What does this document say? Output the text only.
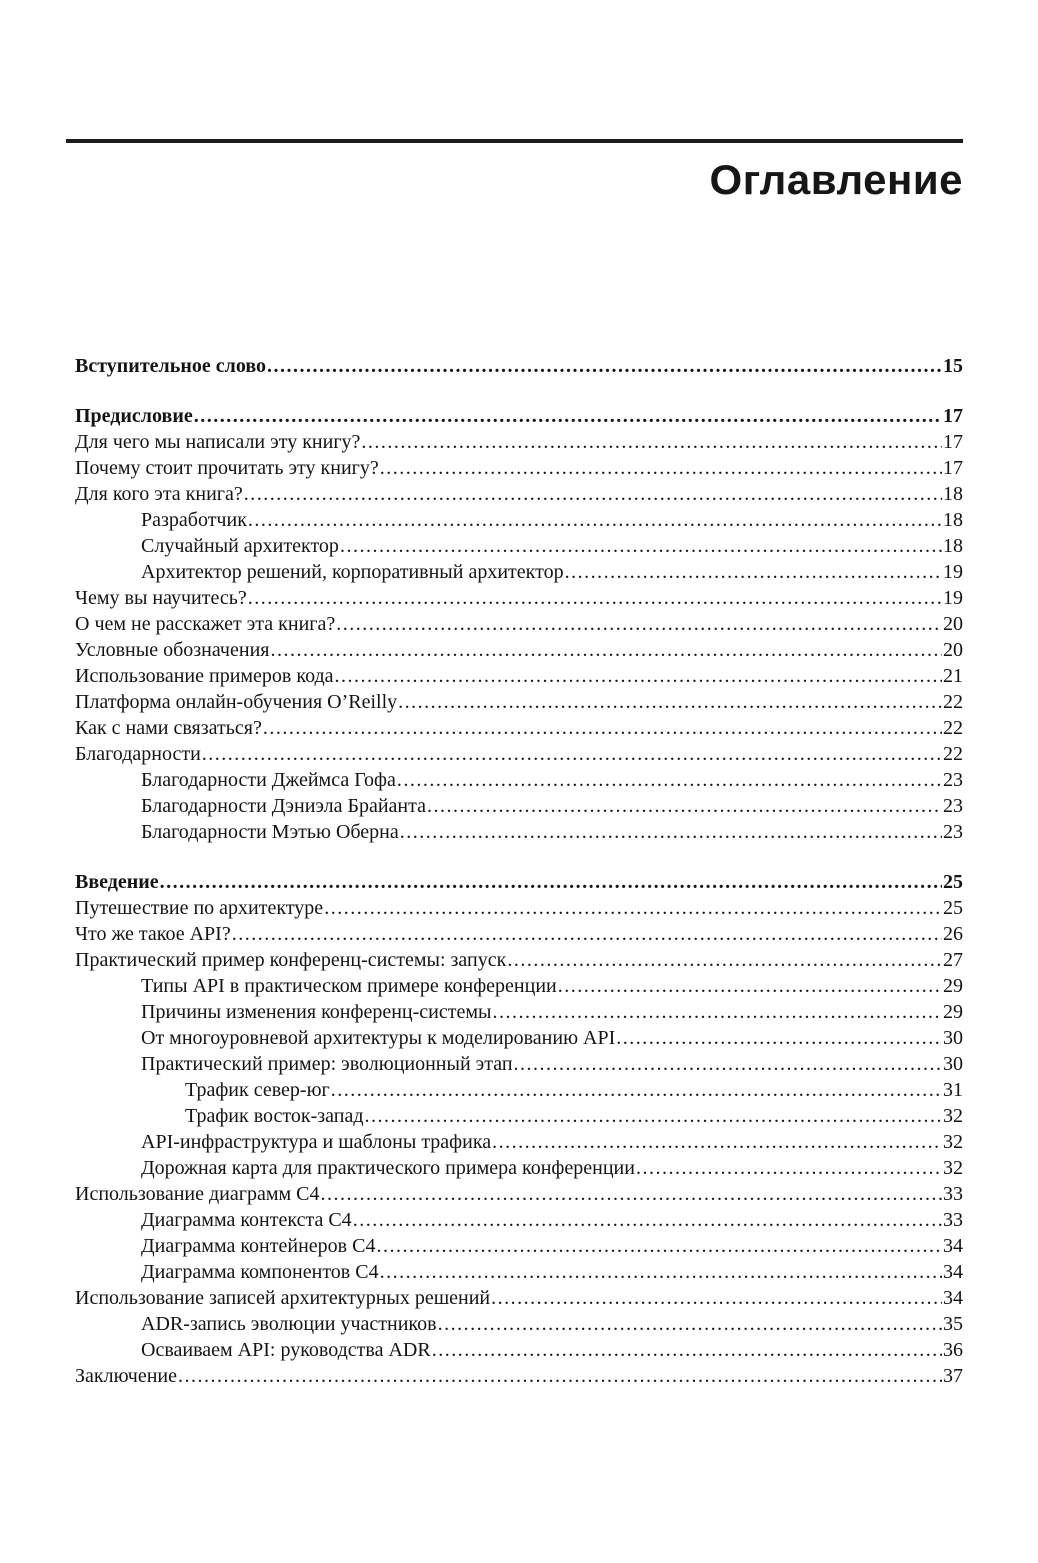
Оглавление
Вступительное слово .....	15
Предисловие .....	17
Для чего мы написали эту книгу? .....	17
Почему стоит прочитать эту книгу? .....	17
Для кого эта книга? .....	18
Разработчик .....	18
Случайный архитектор .....	18
Архитектор решений, корпоративный архитектор .....	19
Чему вы научитесь? .....	19
О чем не расскажет эта книга? .....	20
Условные обозначения .....	20
Использование примеров кода .....	21
Платформа онлайн-обучения O’Reilly .....	22
Как с нами связаться? .....	22
Благодарности .....	22
Благодарности Джеймса Гофа .....	23
Благодарности Дэниэла Брайанта .....	23
Благодарности Мэтью Оберна .....	23
Введение .....	25
Путешествие по архитектуре .....	25
Что же такое API? .....	26
Практический пример конференц-системы: запуск .....	27
Типы API в практическом примере конференции .....	29
Причины изменения конференц-системы .....	29
От многоуровневой архитектуры к моделированию API .....	30
Практический пример: эволюционный этап .....	30
Трафик север-юг .....	31
Трафик восток-запад .....	32
API-инфраструктура и шаблоны трафика .....	32
Дорожная карта для практического примера конференции .....	32
Использование диаграмм C4 .....	33
Диаграмма контекста C4 .....	33
Диаграмма контейнеров C4 .....	34
Диаграмма компонентов C4 .....	34
Использование записей архитектурных решений .....	34
ADR-запись эволюции участников .....	35
Осваиваем API: руководства ADR .....	36
Заключение .....	37
